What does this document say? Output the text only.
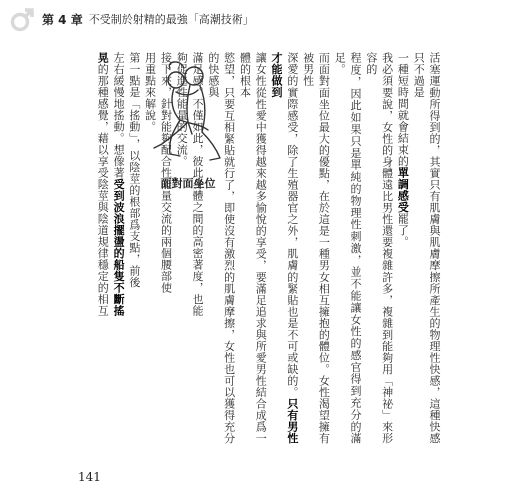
第 4 章 不受制於射精的最強「高潮技術」
面對面坐位	活塞運動所得到的，其實只有肌膚與肌膚摩擦所產生的物理性快感，這種快感只不過是

一種短時間就會結束的單調感受罷了。

我必須要說，女性的身體遠比男性還要複雜許多，複雜到能夠用「神祕」來形容的

程度，因此如果只是單純的物理性刺激，並不能讓女性的感官得到充分的滿足。

而面對面坐位最大的優點，在於這是一種男女相互擁抱的體位。女性渴望擁有被男性

深愛的實際感受，除了生殖器官之外，肌膚的緊貼也是不可或缺的。只有男性才能做到

讓女性從性愛中獲得越來越多愉悅的享受，要滿足追求與所愛男性結合成爲一體的根本

慾望，只要互相緊貼就行了，即使沒有激烈的肌膚摩擦，女性也可以獲得充分的快感與

滿足感。不僅如此，彼此身體之間的高密著度，也能

夠促進性能量的交流。

接下來，針對能夠配合性能量交流的兩個腰部使

用重點來解說。

第一點是「搖動」，以陰莖的根部爲支點，前後

左右緩慢地搖動。想像著受到波浪擺盪的船隻不斷搖

晃的那種感覺，藉以享受陰莖與陰道規律穩定的相互

141
